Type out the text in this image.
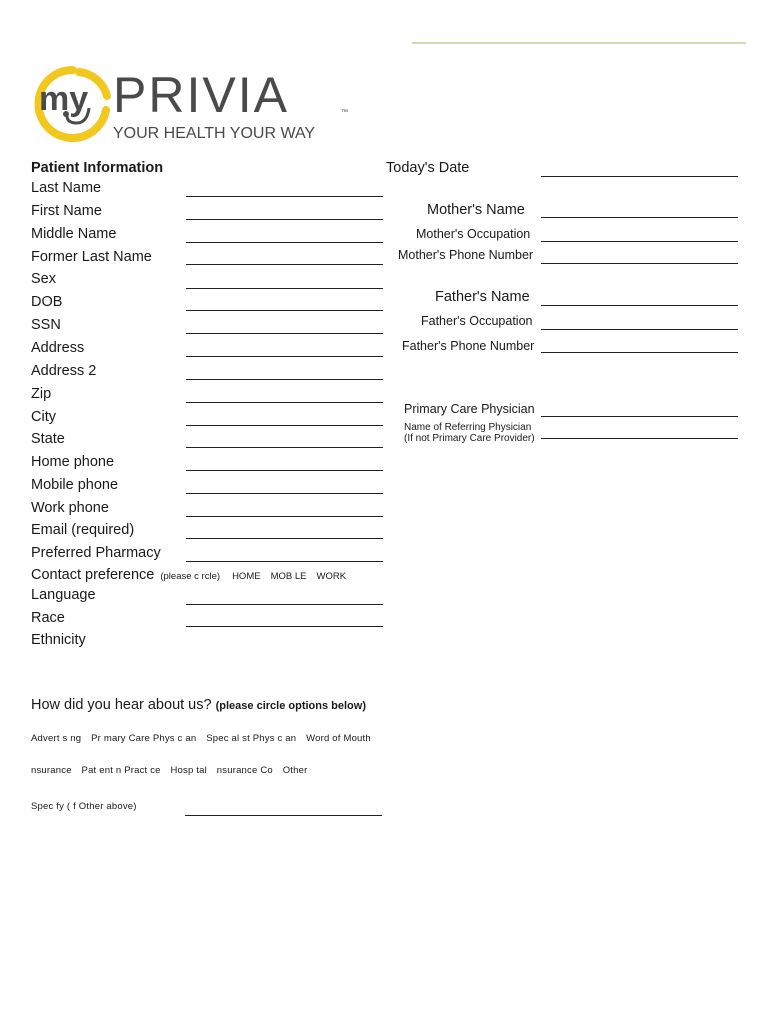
my PRIVIA	™
YOUR HEALTH YOUR WAY
Patient Information
Last Name
First Name
Middle Name
Former Last Name
Sex
DOB
SSN
Address
Address 2
Zip
City
State
Home phone
Mobile phone
Work phone
Email (required)
Preferred Pharmacy
Contact preference (please c rcle) HOME MOB LE WORK
Language
Race
Ethnicity
Today's Date
Mother's Name
Mother's Occupation
Mother's Phone Number
Father's Name
Father's Occupation
Father's Phone Number
Primary Care Physician
Name of Referring Physician
(If not Primary Care Provider)
How did you hear about us? (please circle options below)
Advert s ng Pr mary Care Phys c an Spec al st Phys c an Word of Mouth
nsurance Pat ent n Pract ce Hosp tal nsurance Co Other
Spec fy ( f Other above)
